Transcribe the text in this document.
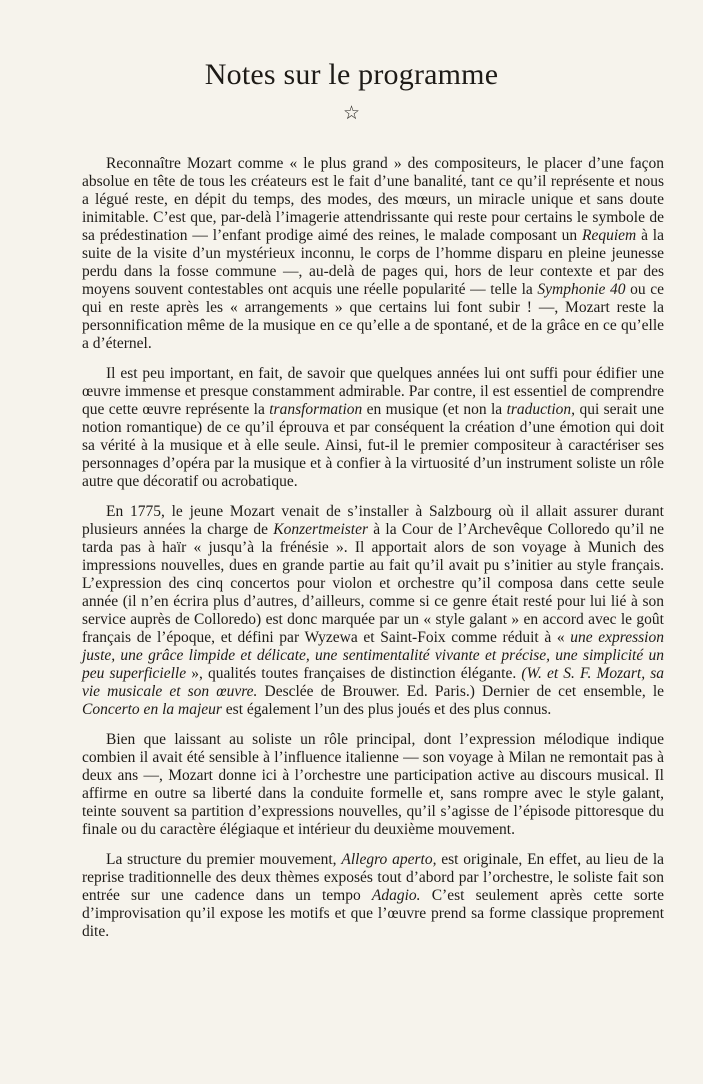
Notes sur le programme
☆

Reconnaître Mozart comme « le plus grand » des compositeurs, le placer d’une façon absolue en tête de tous les créateurs est le fait d’une banalité, tant ce qu’il représente et nous a légué reste, en dépit du temps, des modes, des mœurs, un miracle unique et sans doute inimitable. C’est que, par-delà l’imagerie attendrissante qui reste pour certains le symbole de sa prédestination — l’enfant prodige aimé des reines, le malade composant un Requiem à la suite de la visite d’un mystérieux inconnu, le corps de l’homme disparu en pleine jeunesse perdu dans la fosse commune —, au-delà de pages qui, hors de leur contexte et par des moyens souvent contestables ont acquis une réelle popularité — telle la Symphonie 40 ou ce qui en reste après les « arrangements » que certains lui font subir ! —, Mozart reste la personnification même de la musique en ce qu’elle a de spontané, et de la grâce en ce qu’elle a d’éternel.

Il est peu important, en fait, de savoir que quelques années lui ont suffi pour édifier une œuvre immense et presque constamment admirable. Par contre, il est essentiel de comprendre que cette œuvre représente la transformation en musique (et non la traduction, qui serait une notion romantique) de ce qu’il éprouva et par conséquent la création d’une émotion qui doit sa vérité à la musique et à elle seule. Ainsi, fut-il le premier compositeur à caractériser ses personnages d’opéra par la musique et à confier à la virtuosité d’un instrument soliste un rôle autre que décoratif ou acrobatique.

En 1775, le jeune Mozart venait de s’installer à Salzbourg où il allait assurer durant plusieurs années la charge de Konzertmeister à la Cour de l’Archevêque Colloredo qu’il ne tarda pas à haïr « jusqu’à la frénésie ». Il apportait alors de son voyage à Munich des impressions nouvelles, dues en grande partie au fait qu’il avait pu s’initier au style français. L’expression des cinq concertos pour violon et orchestre qu’il composa dans cette seule année (il n’en écrira plus d’autres, d’ailleurs, comme si ce genre était resté pour lui lié à son service auprès de Colloredo) est donc marquée par un « style galant » en accord avec le goût français de l’époque, et défini par Wyzewa et Saint-Foix comme réduit à « une expression juste, une grâce limpide et délicate, une sentimentalité vivante et précise, une simplicité un peu superficielle », qualités toutes françaises de distinction élégante. (W. et S. F. Mozart, sa vie musicale et son œuvre. Desclée de Brouwer. Ed. Paris.) Dernier de cet ensemble, le Concerto en la majeur est également l’un des plus joués et des plus connus.

Bien que laissant au soliste un rôle principal, dont l’expression mélodique indique combien il avait été sensible à l’influence italienne — son voyage à Milan ne remontait pas à deux ans —, Mozart donne ici à l’orchestre une participation active au discours musical. Il affirme en outre sa liberté dans la conduite formelle et, sans rompre avec le style galant, teinte souvent sa partition d’expressions nouvelles, qu’il s’agisse de l’épisode pittoresque du finale ou du caractère élégiaque et intérieur du deuxième mouvement.

La structure du premier mouvement, Allegro aperto, est originale, En effet, au lieu de la reprise traditionnelle des deux thèmes exposés tout d’abord par l’orchestre, le soliste fait son entrée sur une cadence dans un tempo Adagio. C’est seulement après cette sorte d’improvisation qu’il expose les motifs et que l’œuvre prend sa forme classique proprement dite.
